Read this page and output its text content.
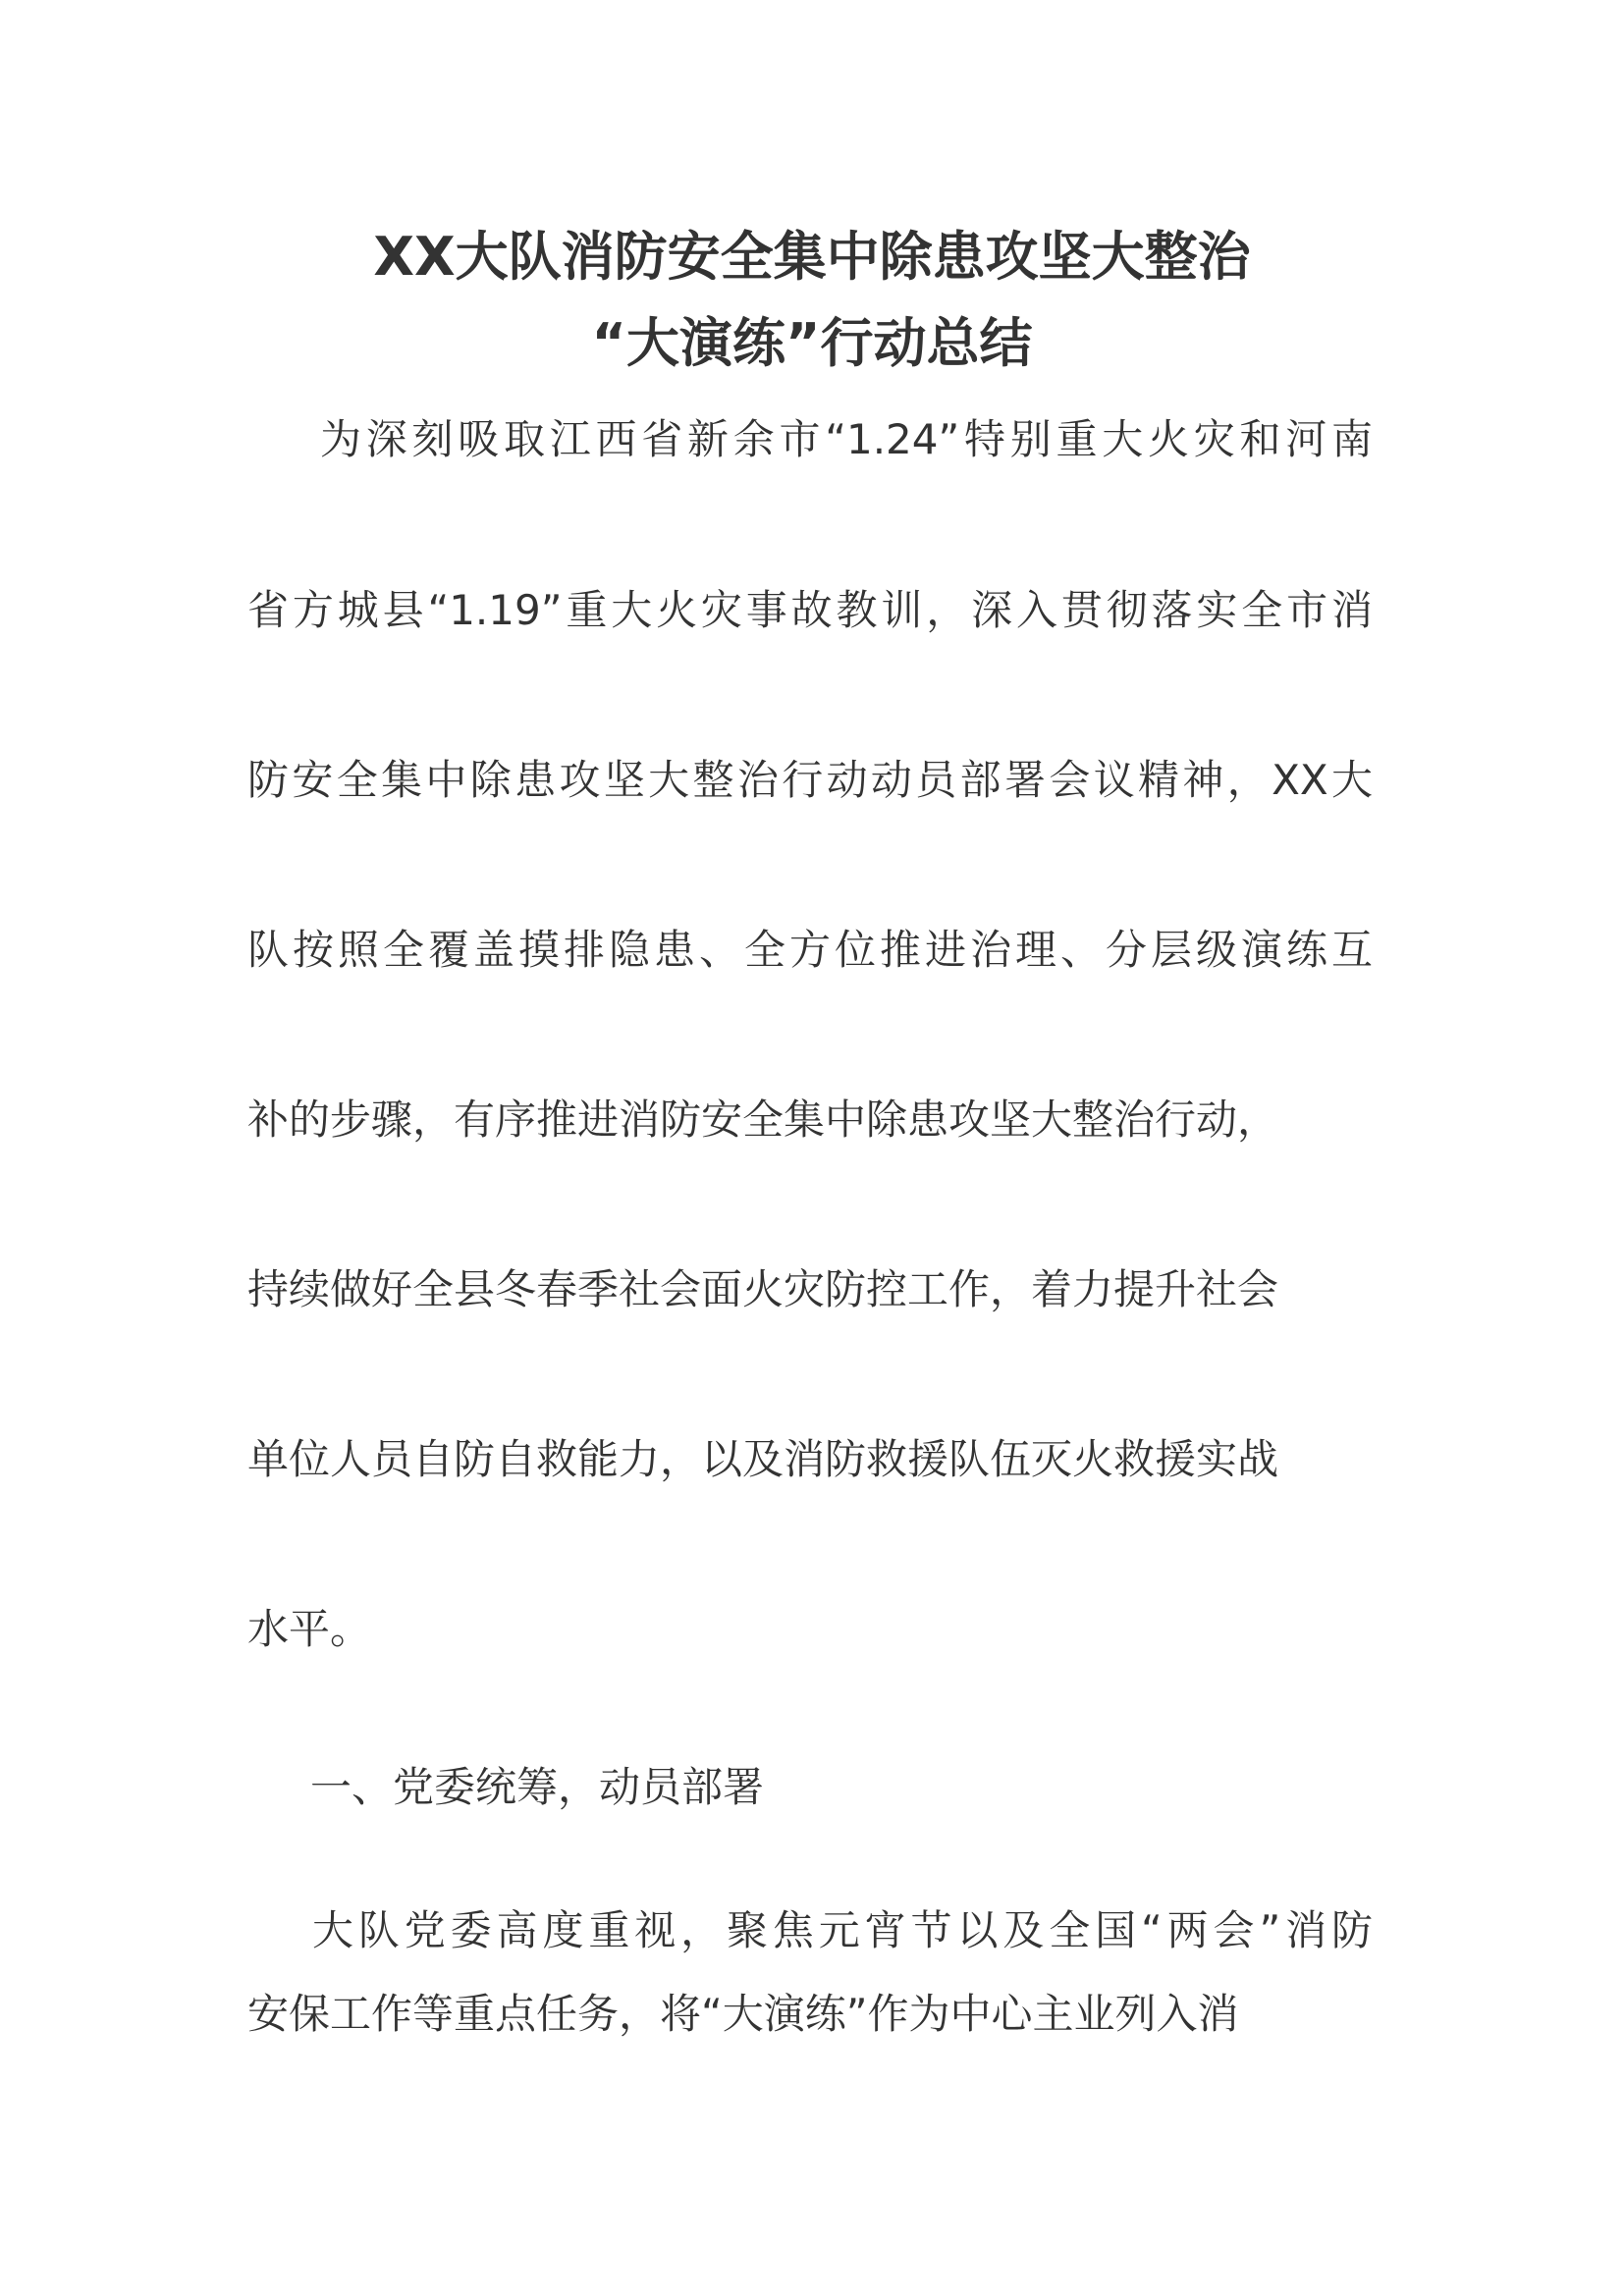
XX大队消防安全集中除患攻坚大整治
“大演练”行动总结
为深刻吸取江西省新余市“1.24”特别重大火灾和河南
省方城县“1.19”重大火灾事故教训，深入贯彻落实全市消
防安全集中除患攻坚大整治行动动员部署会议精神，XX大
队按照全覆盖摸排隐患、全方位推进治理、分层级演练互
补的步骤，有序推进消防安全集中除患攻坚大整治行动，
持续做好全县冬春季社会面火灾防控工作，着力提升社会
单位人员自防自救能力，以及消防救援队伍灭火救援实战
水平。
一、党委统筹，动员部署
大队党委高度重视，聚焦元宵节以及全国“两会”消防
安保工作等重点任务，将“大演练”作为中心主业列入消
